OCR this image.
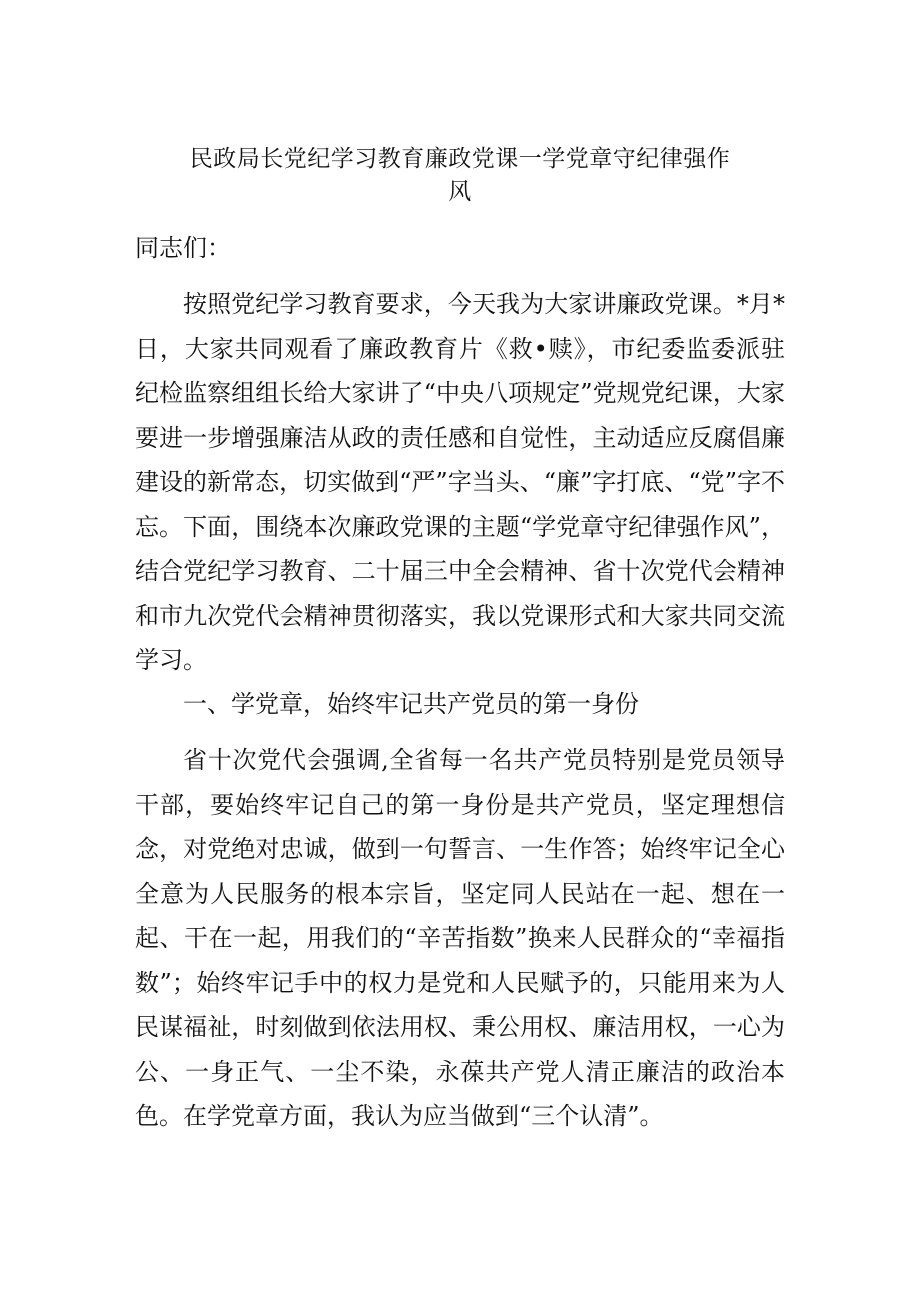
民政局长党纪学习教育廉政党课一学党章守纪律强作
风
同志们：

按照党纪学习教育要求，今天我为大家讲廉政党课。*月*日，大家共同观看了廉政教育片《救•赎》，市纪委监委派驻纪检监察组组长给大家讲了“中央八项规定”党规党纪课，大家要进一步增强廉洁从政的责任感和自觉性，主动适应反腐倡廉建设的新常态，切实做到“严”字当头、“廉”字打底、“党”字不忘。下面，围绕本次廉政党课的主题“学党章守纪律强作风”，结合党纪学习教育、二十届三中全会精神、省十次党代会精神和市九次党代会精神贯彻落实，我以党课形式和大家共同交流学习。

一、学党章，始终牢记共产党员的第一身份

省十次党代会强调,全省每一名共产党员特别是党员领导干部，要始终牢记自己的第一身份是共产党员，坚定理想信念，对党绝对忠诚，做到一句誓言、一生作答；始终牢记全心全意为人民服务的根本宗旨，坚定同人民站在一起、想在一起、干在一起，用我们的“辛苦指数”换来人民群众的“幸福指数”；始终牢记手中的权力是党和人民赋予的，只能用来为人民谋福祉，时刻做到依法用权、秉公用权、廉洁用权，一心为公、一身正气、一尘不染，永葆共产党人清正廉洁的政治本色。在学党章方面，我认为应当做到“三个认清”。
